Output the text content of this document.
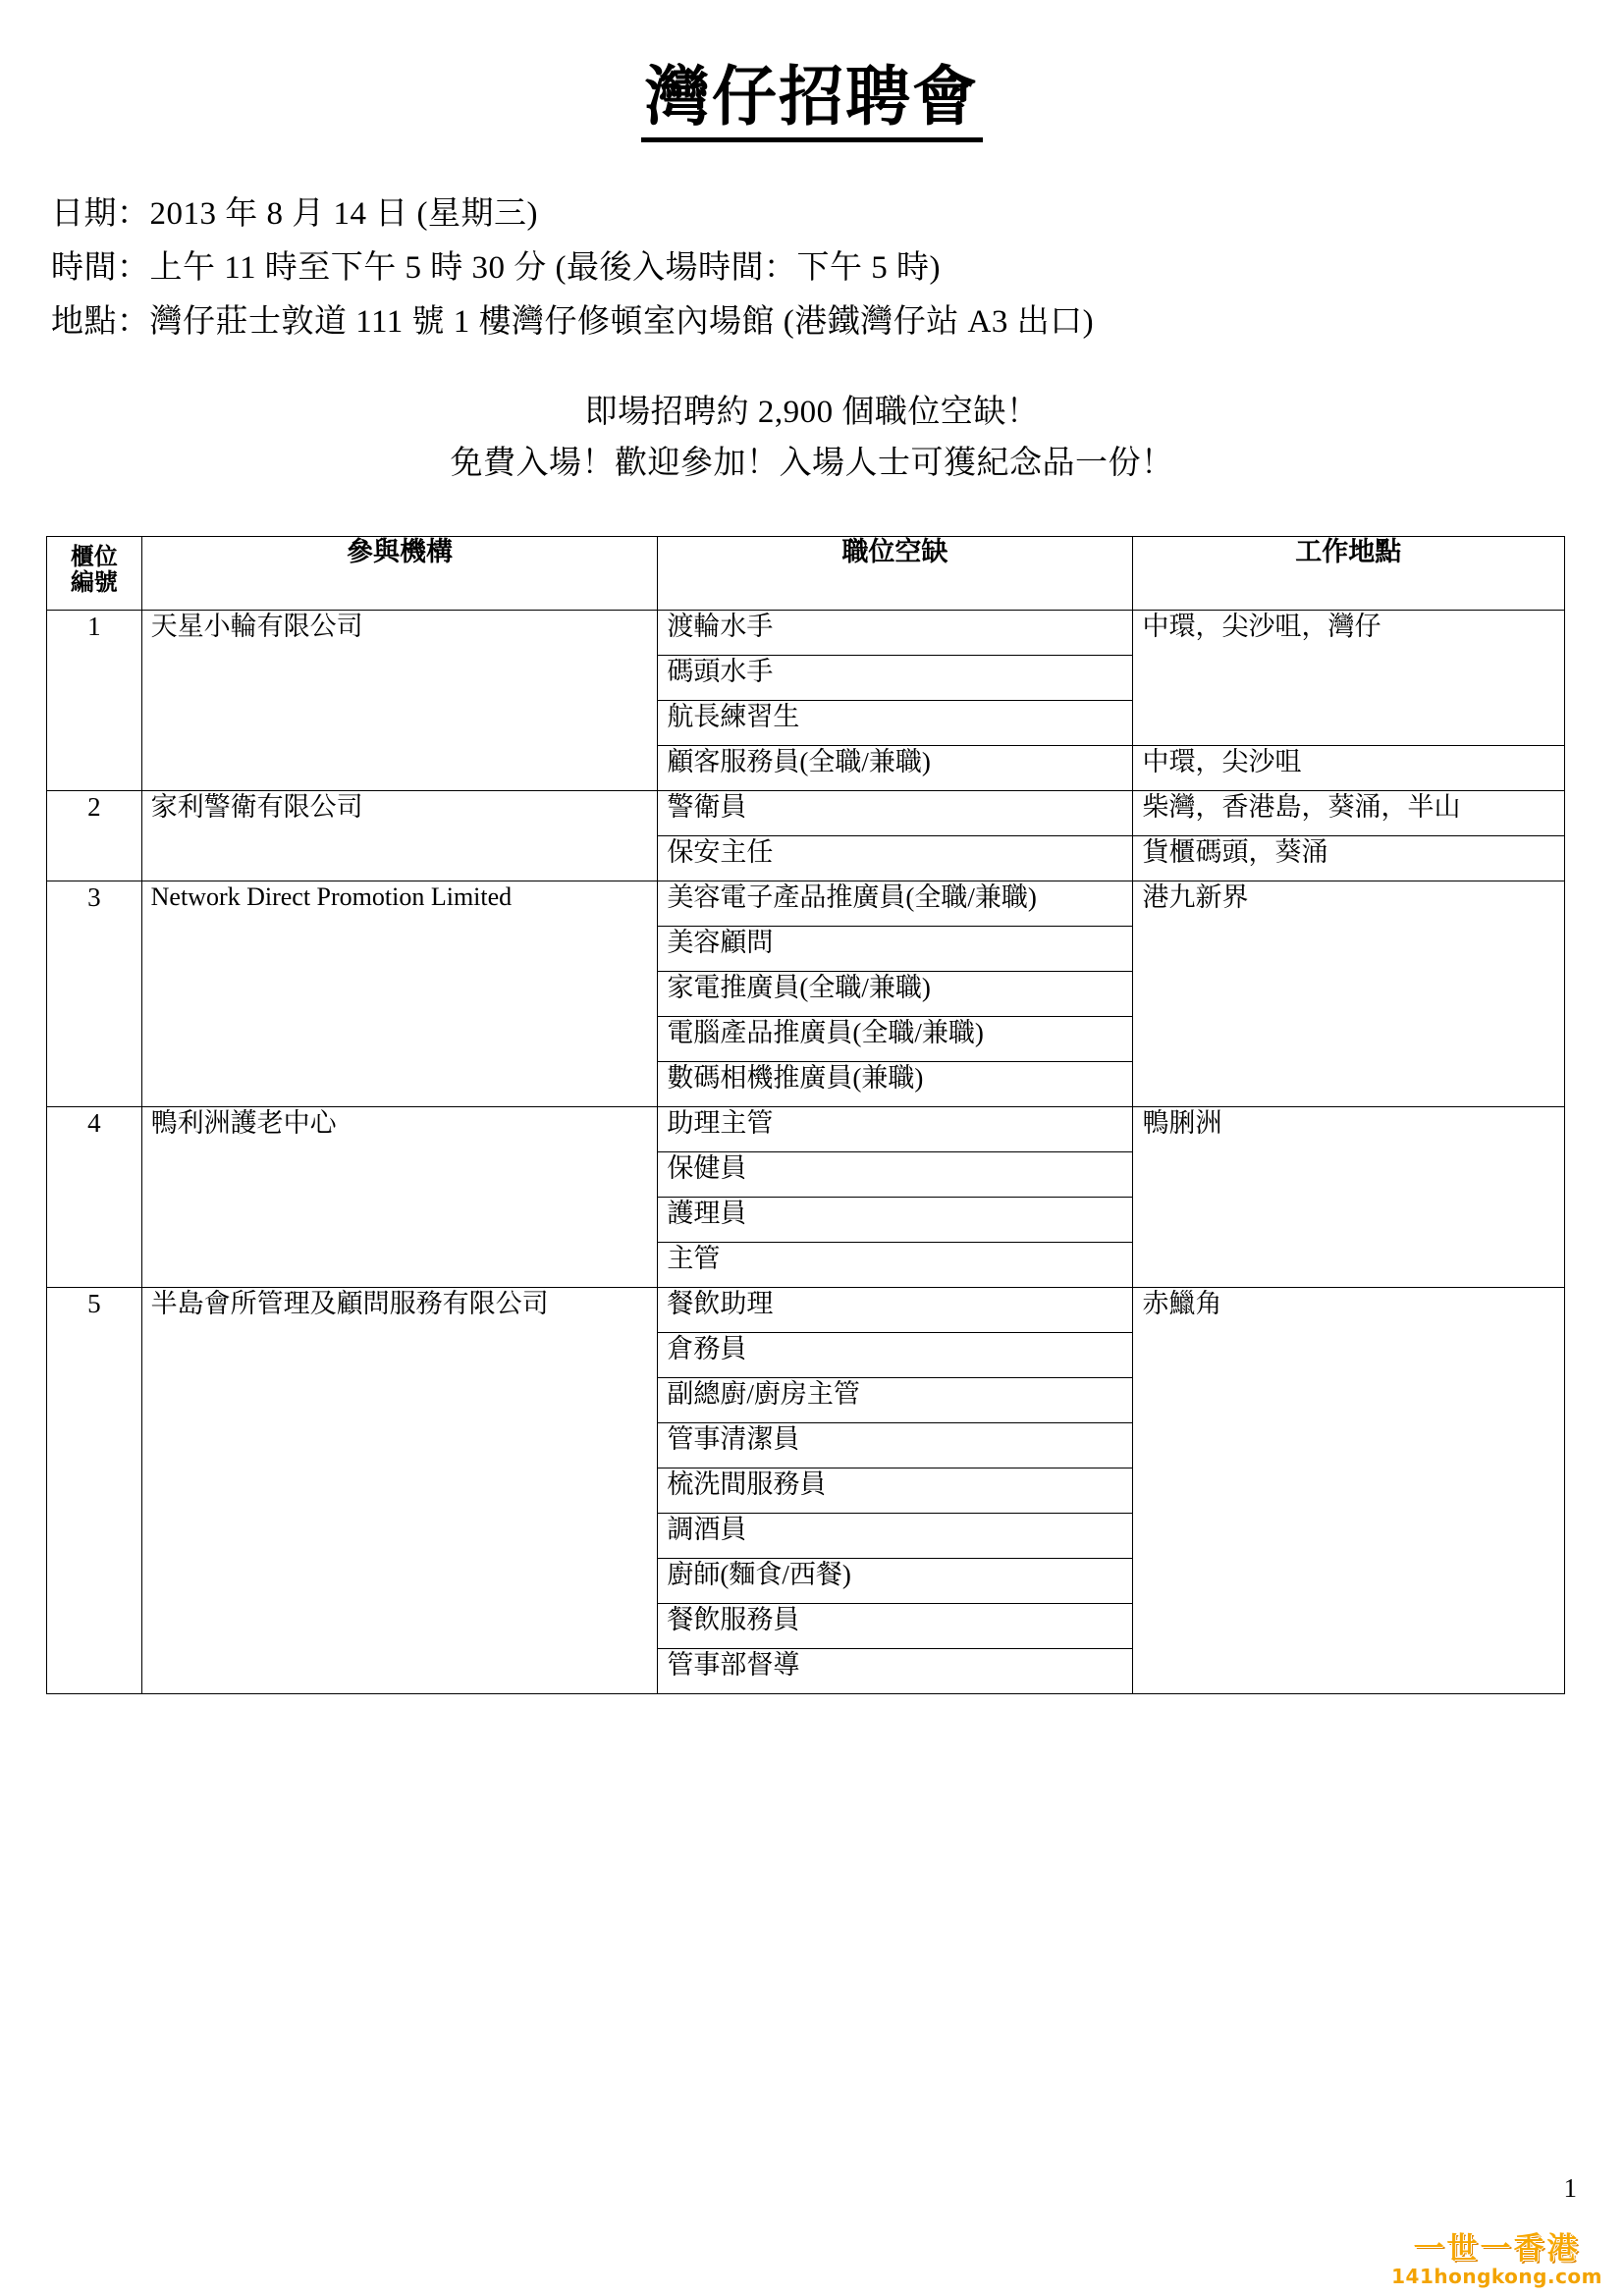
灣仔招聘會
日期：2013 年 8 月 14 日 (星期三)
時間：上午 11 時至下午 5 時 30 分 (最後入場時間：下午 5 時)
地點：灣仔莊士敦道 111 號 1 樓灣仔修頓室內場館 (港鐵灣仔站 A3 出口)
即場招聘約 2,900 個職位空缺！
免費入場！歡迎參加！入場人士可獲紀念品一份！
櫃位
編號	參與機構	職位空缺	工作地點
1	天星小輪有限公司	渡輪水手	中環，尖沙咀，灣仔
		碼頭水手	
		航長練習生	
		顧客服務員(全職/兼職)	中環，尖沙咀
2	家利警衛有限公司	警衛員	柴灣，香港島，葵涌，半山
		保安主任	貨櫃碼頭，葵涌
3	Network Direct Promotion Limited	美容電子產品推廣員(全職/兼職)	港九新界
		美容顧問	
		家電推廣員(全職/兼職)	
		電腦產品推廣員(全職/兼職)	
		數碼相機推廣員(兼職)	
4	鴨利洲護老中心	助理主管	鴨脷洲
		保健員	
		護理員	
		主管	
5	半島會所管理及顧問服務有限公司	餐飲助理	赤鱲角
		倉務員	
		副總廚/廚房主管	
		管事清潔員	
		梳洗間服務員	
		調酒員	
		廚師(麵食/西餐)	
		餐飲服務員	
		管事部督導	
1
一世一香港
141hongkong.com
